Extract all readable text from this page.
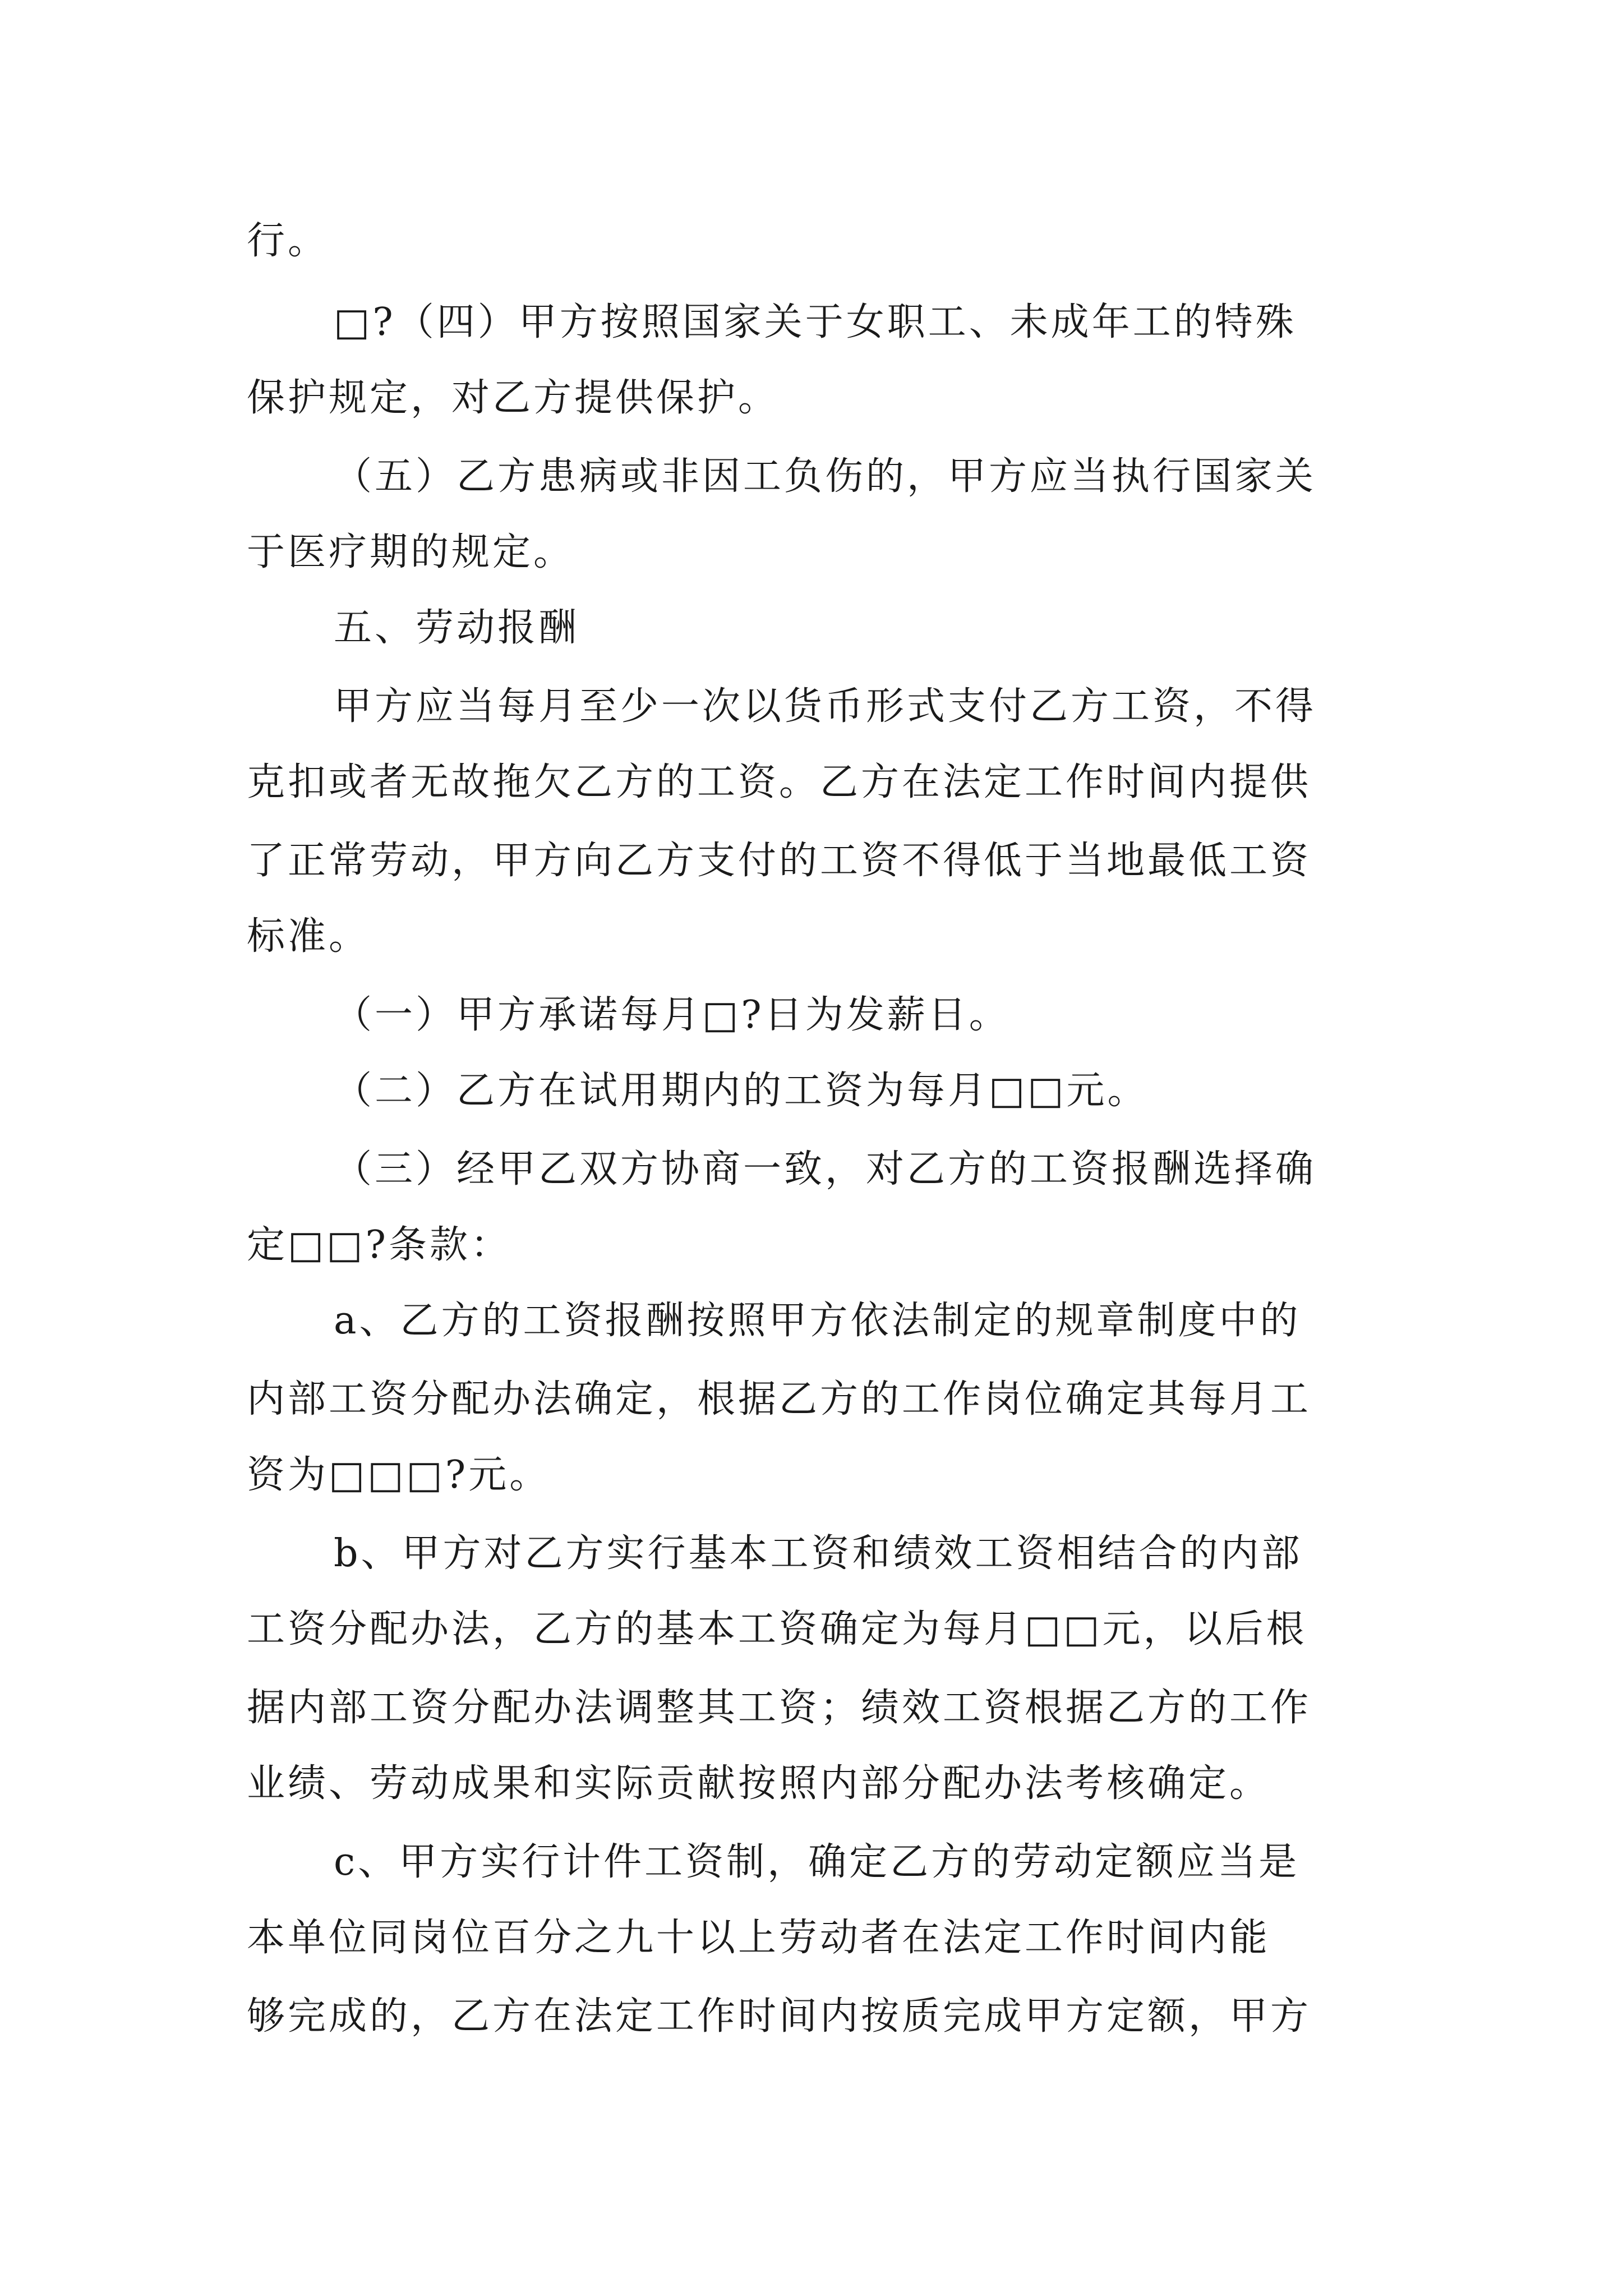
行。
□?（四）甲方按照国家关于女职工、未成年工的特殊
保护规定，对乙方提供保护。
（五）乙方患病或非因工负伤的，甲方应当执行国家关
于医疗期的规定。
五、劳动报酬
甲方应当每月至少一次以货币形式支付乙方工资，不得
克扣或者无故拖欠乙方的工资。乙方在法定工作时间内提供
了正常劳动，甲方向乙方支付的工资不得低于当地最低工资
标准。
（一）甲方承诺每月□?日为发薪日。
（二）乙方在试用期内的工资为每月□□元。
（三）经甲乙双方协商一致，对乙方的工资报酬选择确
定□□?条款：
a、乙方的工资报酬按照甲方依法制定的规章制度中的
内部工资分配办法确定，根据乙方的工作岗位确定其每月工
资为□□□?元。
b、甲方对乙方实行基本工资和绩效工资相结合的内部
工资分配办法，乙方的基本工资确定为每月□□元，以后根
据内部工资分配办法调整其工资；绩效工资根据乙方的工作
业绩、劳动成果和实际贡献按照内部分配办法考核确定。
c、甲方实行计件工资制，确定乙方的劳动定额应当是
本单位同岗位百分之九十以上劳动者在法定工作时间内能
够完成的，乙方在法定工作时间内按质完成甲方定额，甲方
